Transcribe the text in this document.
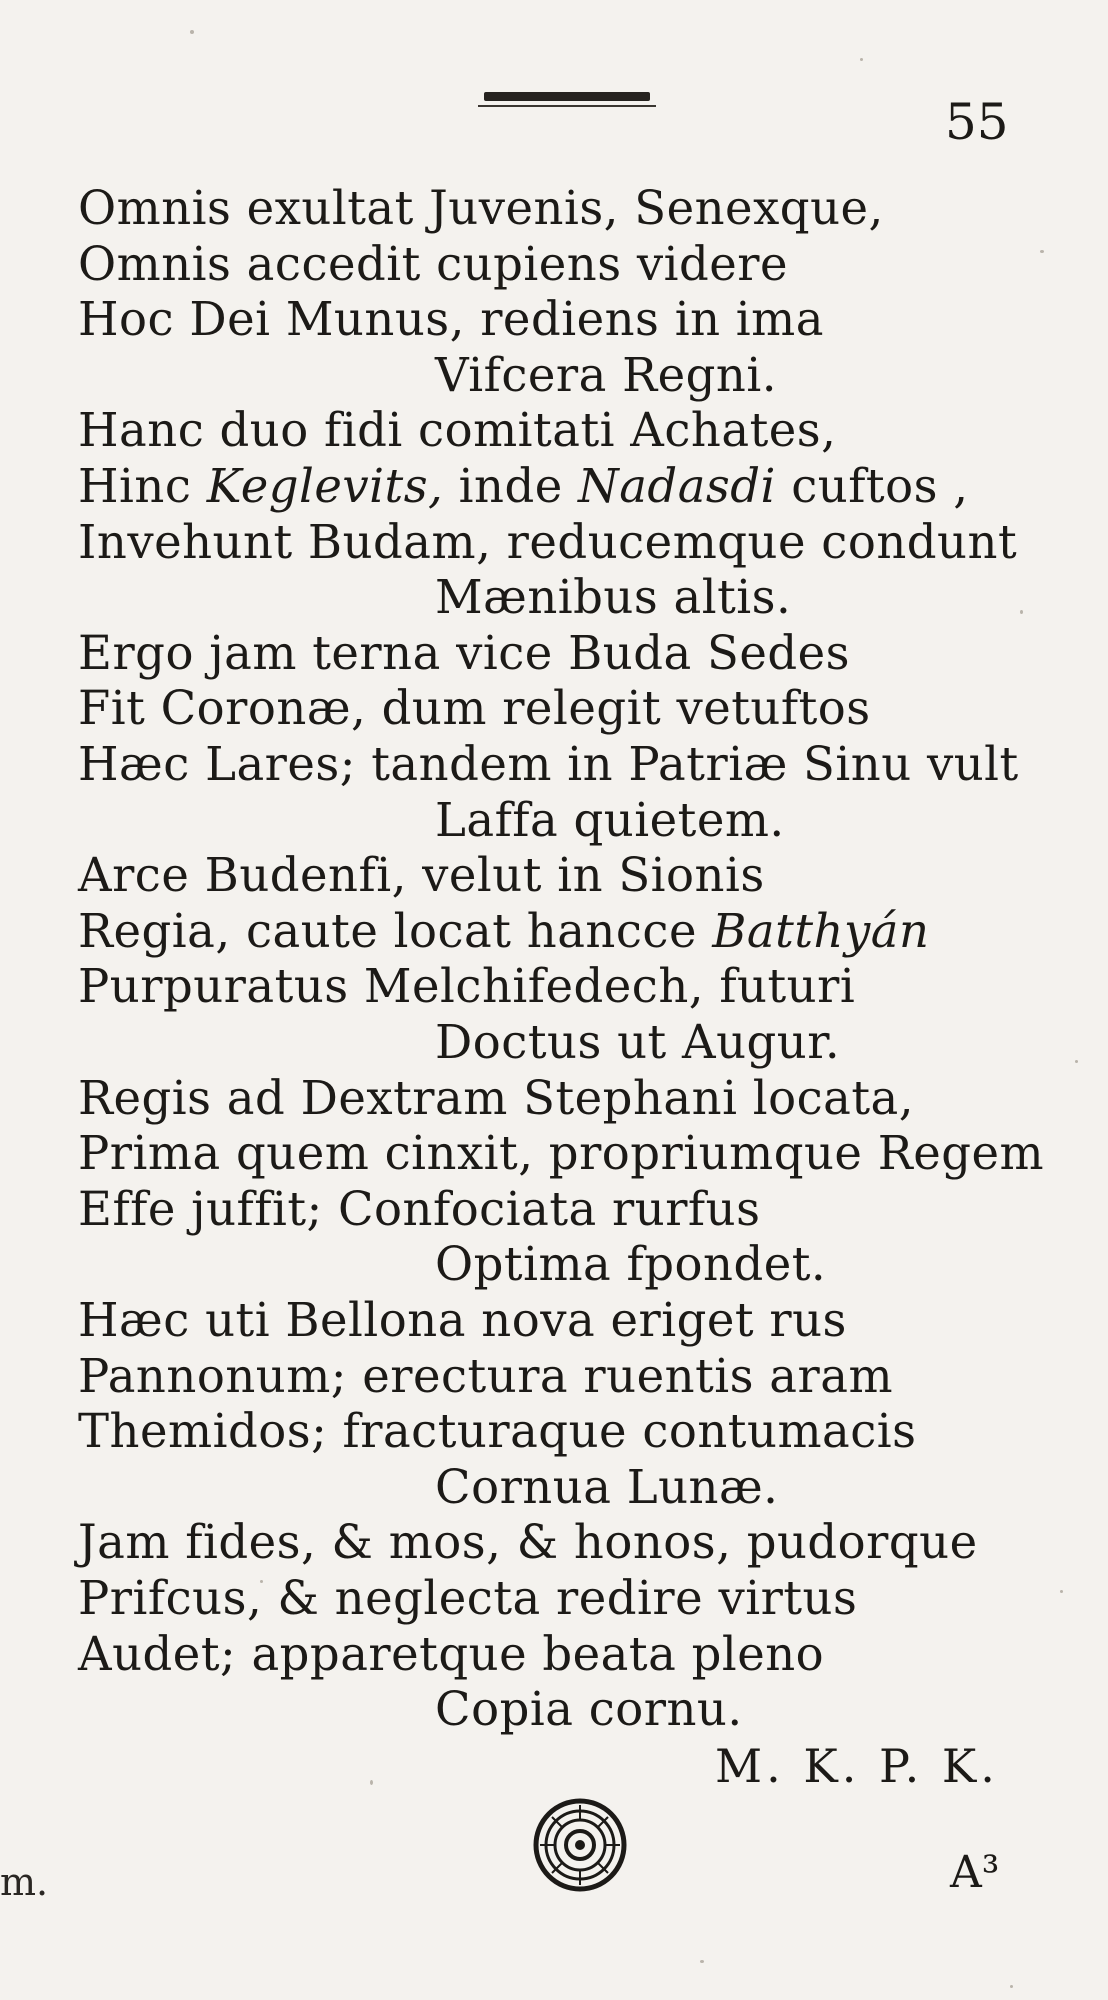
55
Omnis exultat Juvenis, Senexque,
Omnis accedit cupiens videre
Hoc Dei Munus, rediens in ima
Vifcera Regni.
Hanc duo fidi comitati Achates,
Hinc Keglevits, inde Nadasdi cuftos ,
Invehunt Budam, reducemque condunt
Mænibus altis.
Ergo jam terna vice Buda Sedes
Fit Coronæ, dum relegit vetuftos
Hæc Lares; tandem in Patriæ Sinu vult
Laffa quietem.
Arce Budenfi, velut in Sionis
Regia, caute locat hancce Batthyán
Purpuratus Melchifedech, futuri
Doctus ut Augur.
Regis ad Dextram Stephani locata,
Prima quem cinxit, propriumque Regem
Effe juffit; Confociata rurfus
Optima fpondet.
Hæc uti Bellona nova eriget rus
Pannonum; erectura ruentis aram
Themidos; fracturaque contumacis
Cornua Lunæ.
Jam fides, & mos, & honos, pudorque
Prifcus, & neglecta redire virtus
Audet; apparetque beata pleno
Copia cornu.
M. K. P. K.
A³
m.
